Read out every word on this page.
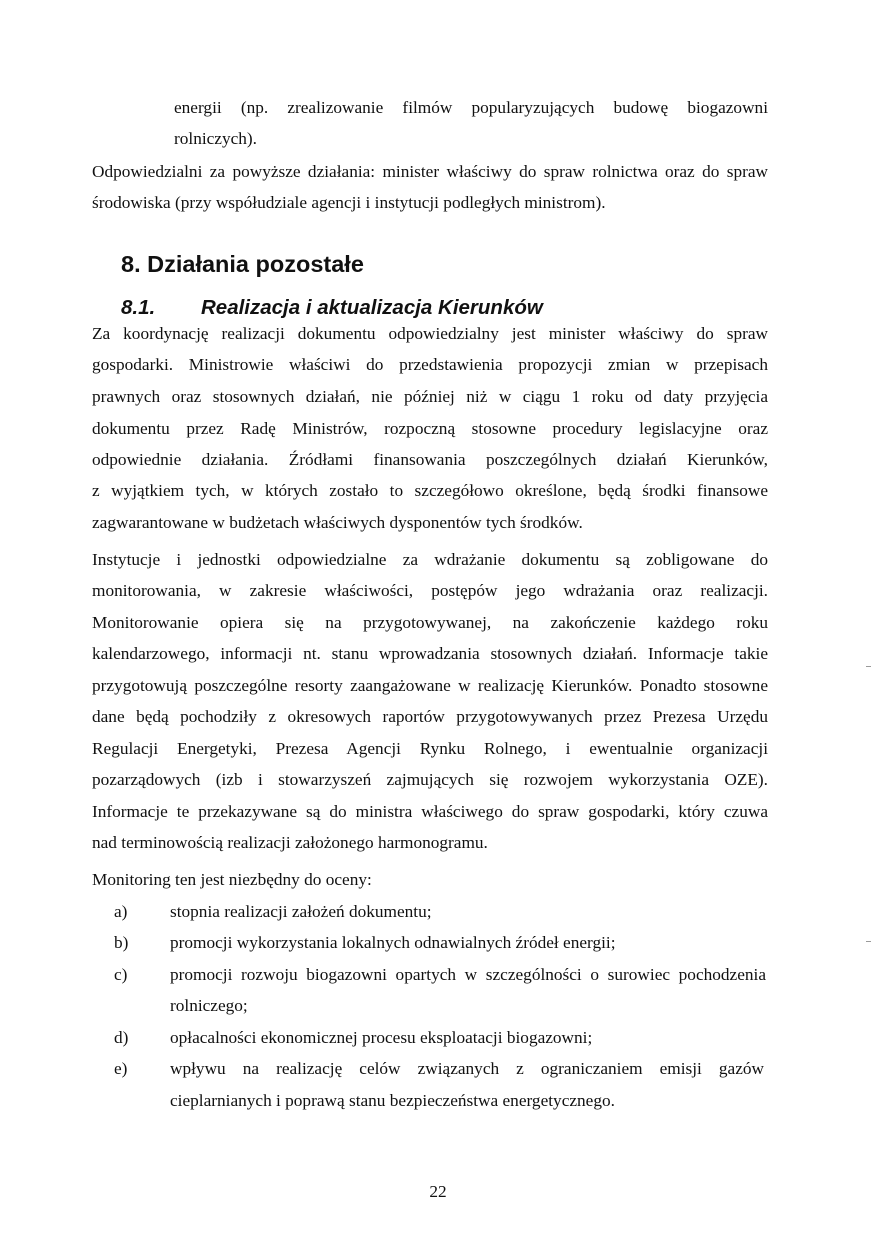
energii (np. zrealizowanie filmów popularyzujących budowę biogazowni

rolniczych).

Odpowiedzialni za powyższe działania: minister właściwy do spraw rolnictwa oraz do spraw

środowiska (przy współudziale agencji i instytucji podległych ministrom).

8. Działania pozostałe
8.1. Realizacja i aktualizacja Kierunków

Za koordynację realizacji dokumentu odpowiedzialny jest minister właściwy do spraw

gospodarki. Ministrowie właściwi do przedstawienia propozycji zmian w przepisach

prawnych oraz stosownych działań, nie później niż w ciągu 1 roku od daty przyjęcia

dokumentu przez Radę Ministrów, rozpoczną stosowne procedury legislacyjne oraz

odpowiednie działania. Źródłami finansowania poszczególnych działań Kierunków,

z wyjątkiem tych, w których zostało to szczegółowo określone, będą środki finansowe

zagwarantowane w budżetach właściwych dysponentów tych środków.

Instytucje i jednostki odpowiedzialne za wdrażanie dokumentu są zobligowane do

monitorowania, w zakresie właściwości, postępów jego wdrażania oraz realizacji.

Monitorowanie opiera się na przygotowywanej, na zakończenie każdego roku

kalendarzowego, informacji nt. stanu wprowadzania stosownych działań. Informacje takie

przygotowują poszczególne resorty zaangażowane w realizację Kierunków. Ponadto stosowne

dane będą pochodziły z okresowych raportów przygotowywanych przez Prezesa Urzędu

Regulacji Energetyki, Prezesa Agencji Rynku Rolnego, i ewentualnie organizacji

pozarządowych (izb i stowarzyszeń zajmujących się rozwojem wykorzystania OZE).

Informacje te przekazywane są do ministra właściwego do spraw gospodarki, który czuwa

nad terminowością realizacji założonego harmonogramu.

Monitoring ten jest niezbędny do oceny:

a) stopnia realizacji założeń dokumentu;

b) promocji wykorzystania lokalnych odnawialnych źródeł energii;

c) promocji rozwoju biogazowni opartych w szczególności o surowiec pochodzenia

rolniczego;

d) opłacalności ekonomicznej procesu eksploatacji biogazowni;

e) wpływu na realizację celów związanych z ograniczaniem emisji gazów

cieplarnianych i poprawą stanu bezpieczeństwa energetycznego.

22
